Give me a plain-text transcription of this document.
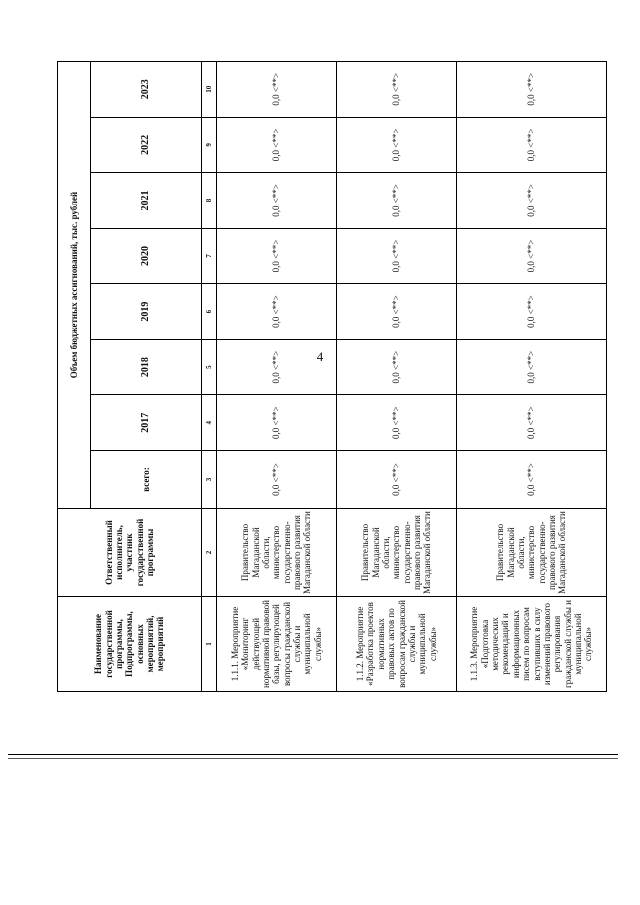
4
Наименование государственной программы, Подпрограммы, основных мероприятий, мероприятий	Ответственный исполнитель, участник государственной программы	Объем бюджетных ассигнований, тыс. рублей							
		всего:	2017	2018	2019	2020	2021	2022	2023
1	2	3	4	5	6	7	8	9	10
1.1.1. Мероприятие «Мониторинг действующей нормативной правовой базы, регулирующей вопросы гражданской службы и муниципальной службы»	Правительство Магаданской области, министерство государственно-правового развития Магаданской области	0,0 <**>	0,0 <**>	0,0 <**>	0,0 <**>	0,0 <**>	0,0 <**>	0,0 <**>	0,0 <**>
1.1.2. Мероприятие «Разработка проектов нормативных правовых актов по вопросам гражданской службы и муниципальной службы»	Правительство Магаданской области, министерство государственно-правового развития Магаданской области	0,0 <**>	0,0 <**>	0,0 <**>	0,0 <**>	0,0 <**>	0,0 <**>	0,0 <**>	0,0 <**>
1.1.3. Мероприятие «Подготовка методических рекомендаций и информационных писем по вопросам вступивших в силу изменений правового регулирования гражданской службы и муниципальной службы»	Правительство Магаданской области, министерство государственно-правового развития Магаданской области	0,0 <**>	0,0 <**>	0,0 <**>	0,0 <**>	0,0 <**>	0,0 <**>	0,0 <**>	0,0 <**>
